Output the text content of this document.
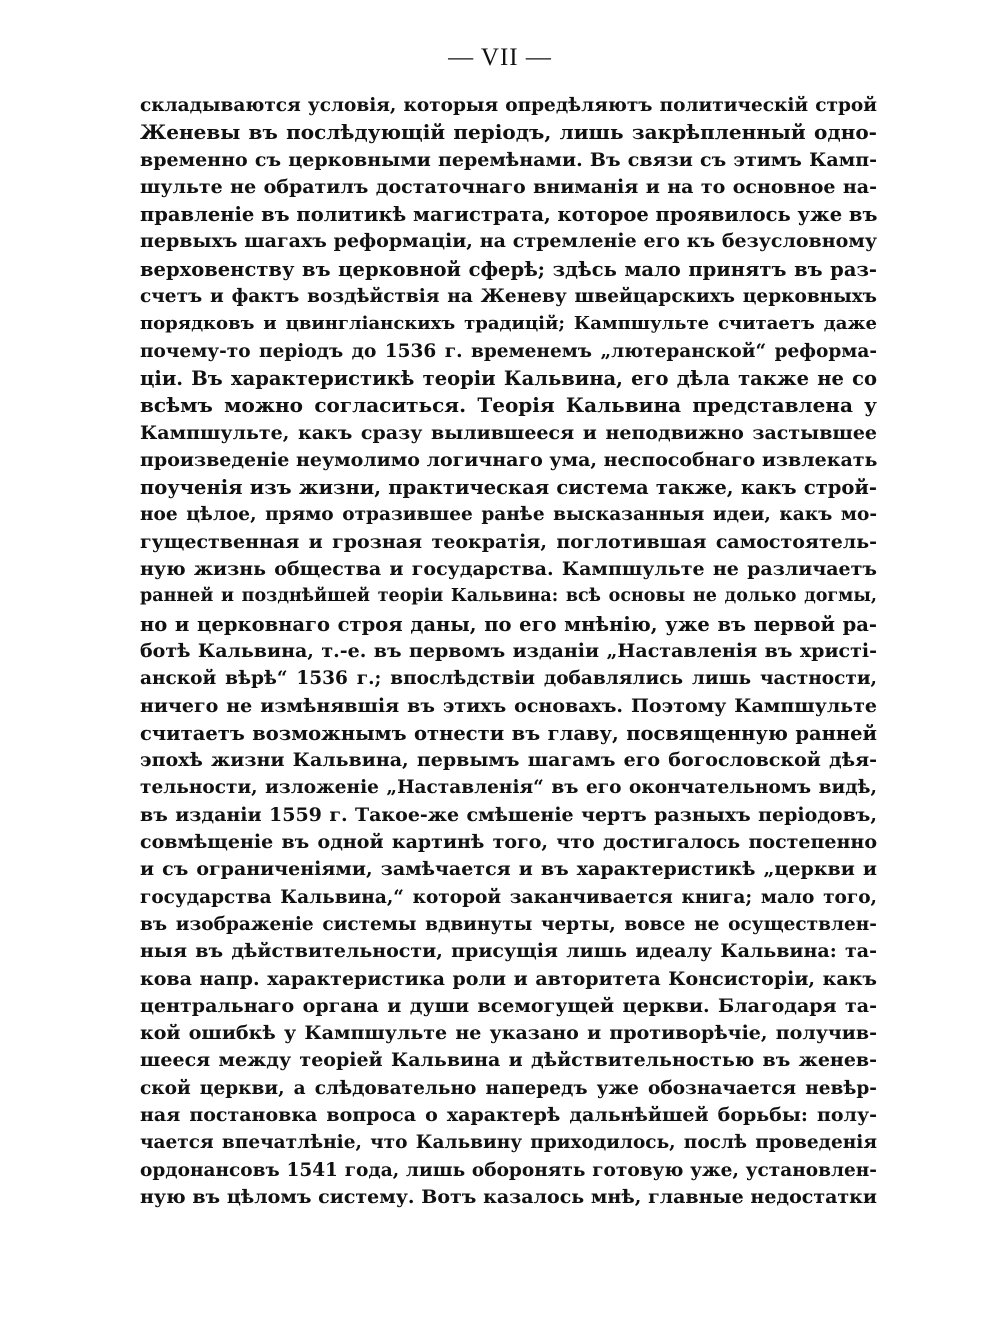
— VII —

складываются условія, которыя опредѣляютъ политическій строй
Женевы въ послѣдующій періодъ, лишь закрѣпленный одно-
временно съ церковными перемѣнами. Въ связи съ этимъ Камп-
шульте не обратилъ достаточнаго вниманія и на то основное на-
правленіе въ политикѣ магистрата, которое проявилось уже въ
первыхъ шагахъ реформаціи, на стремленіе его къ безусловному
верховенству въ церковной сферѣ; здѣсь мало принятъ въ раз-
счетъ и фактъ воздѣйствія на Женеву швейцарскихъ церковныхъ
порядковъ и цвингліанскихъ традицій; Кампшульте считаетъ даже
почему-то періодъ до 1536 г. временемъ „лютеранской“ реформа-
ціи. Въ характеристикѣ теоріи Кальвина, его дѣла также не со
всѣмъ можно согласиться. Теорія Кальвина представлена у
Кампшульте, какъ сразу вылившееся и неподвижно застывшее
произведеніе неумолимо логичнаго ума, неспособнаго извлекать
поученія изъ жизни, практическая система также, какъ строй-
ное цѣлое, прямо отразившее ранѣе высказанныя идеи, какъ мо-
гущественная и грозная теократія, поглотившая самостоятель-
ную жизнь общества и государства. Кампшульте не различаетъ
ранней и позднѣйшей теоріи Кальвина: всѣ основы не долько догмы,
но и церковнаго строя даны, по его мнѣнію, уже въ первой ра-
ботѣ Кальвина, т.-е. въ первомъ изданіи „Наставленія въ христі-
анской вѣрѣ“ 1536 г.; впослѣдствіи добавлялись лишь частности,
ничего не измѣнявшія въ этихъ основахъ. Поэтому Кампшульте
считаетъ возможнымъ отнести въ главу, посвященную ранней
эпохѣ жизни Кальвина, первымъ шагамъ его богословской дѣя-
тельности, изложеніе „Наставленія“ въ его окончательномъ видѣ,
въ изданіи 1559 г. Такое-же смѣшеніе чертъ разныхъ періодовъ,
совмѣщеніе въ одной картинѣ того, что достигалось постепенно
и съ ограниченіями, замѣчается и въ характеристикѣ „церкви и
государства Кальвина,“ которой заканчивается книга; мало того,
въ изображеніе системы вдвинуты черты, вовсе не осуществлен-
ныя въ дѣйствительности, присущія лишь идеалу Кальвина: та-
кова напр. характеристика роли и авторитета Консисторіи, какъ
центральнаго органа и души всемогущей церкви. Благодаря та-
кой ошибкѣ у Кампшульте не указано и противорѣчіе, получив-
шееся между теоріей Кальвина и дѣйствительностью въ женев-
ской церкви, а слѣдовательно напередъ уже обозначается невѣр-
ная постановка вопроса о характерѣ дальнѣйшей борьбы: полу-
чается впечатлѣніе, что Кальвину приходилось, послѣ проведенія
ордонансовъ 1541 года, лишь оборонять готовую уже, установлен-
ную въ цѣломъ систему. Вотъ казалось мнѣ, главные недостатки
